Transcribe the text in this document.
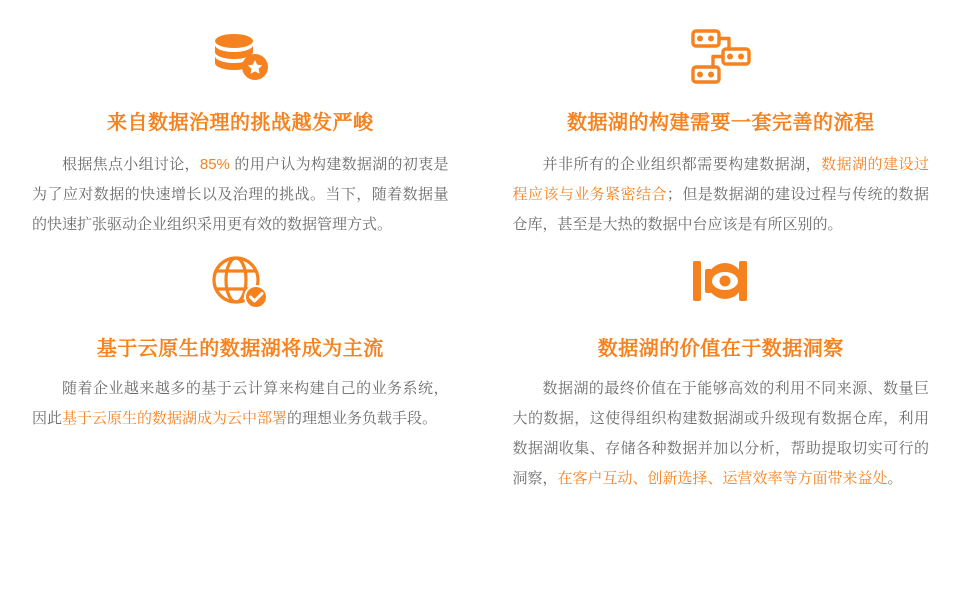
来自数据治理的挑战越发严峻
根据焦点小组讨论，85% 的用户认为构建数据湖的初衷是为了应对数据的快速增长以及治理的挑战。当下，随着数据量的快速扩张驱动企业组织采用更有效的数据管理方式。
数据湖的构建需要一套完善的流程
并非所有的企业组织都需要构建数据湖，数据湖的建设过程应该与业务紧密结合；但是数据湖的建设过程与传统的数据仓库，甚至是大热的数据中台应该是有所区别的。
基于云原生的数据湖将成为主流
随着企业越来越多的基于云计算来构建自己的业务系统，因此基于云原生的数据湖成为云中部署的理想业务负载手段。
数据湖的价值在于数据洞察
数据湖的最终价值在于能够高效的利用不同来源、数量巨大的数据，这使得组织构建数据湖或升级现有数据仓库，利用数据湖收集、存储各种数据并加以分析，帮助提取切实可行的洞察，在客户互动、创新选择、运营效率等方面带来益处。
